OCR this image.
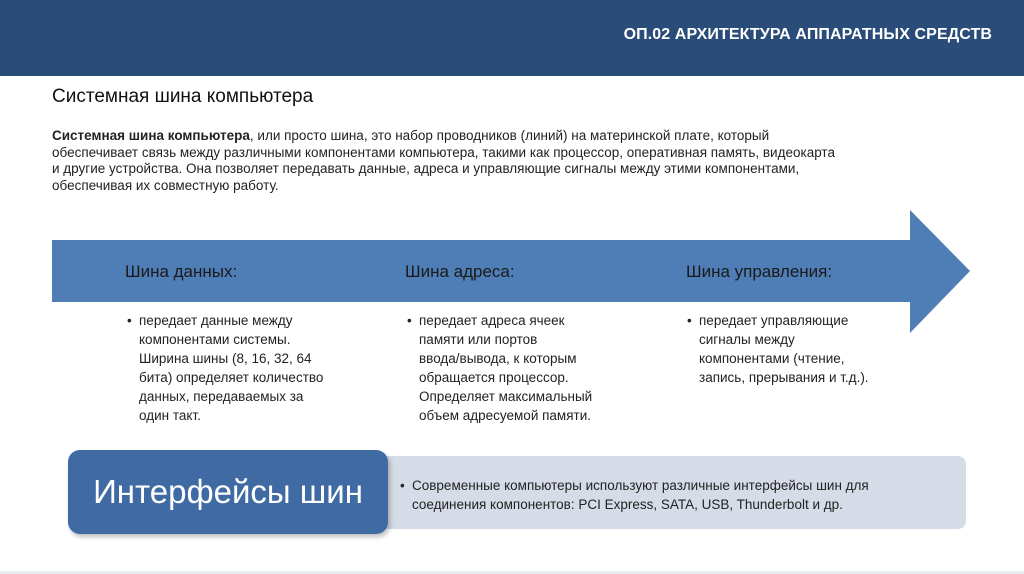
ОП.02 АРХИТЕКТУРА АППАРАТНЫХ СРЕДСТВ
Системная шина компьютера
Системная шина компьютера, или просто шина, это набор проводников (линий) на материнской плате, который
обеспечивает связь между различными компонентами компьютера, такими как процессор, оперативная память, видеокарта
и другие устройства. Она позволяет передавать данные, адреса и управляющие сигналы между этими компонентами,
обеспечивая их совместную работу.
Шина данных:	Шина адреса:	Шина управления:
• передает данные между
компонентами системы.
Ширина шины (8, 16, 32, 64
бита) определяет количество
данных, передаваемых за
один такт.
• передает адреса ячеек
памяти или портов
ввода/вывода, к которым
обращается процессор.
Определяет максимальный
объем адресуемой памяти.
• передает управляющие
сигналы между
компонентами (чтение,
запись, прерывания и т.д.).
Интерфейсы шин	• Современные компьютеры используют различные интерфейсы шин для
соединения компонентов: PCI Express, SATA, USB, Thunderbolt и др.
